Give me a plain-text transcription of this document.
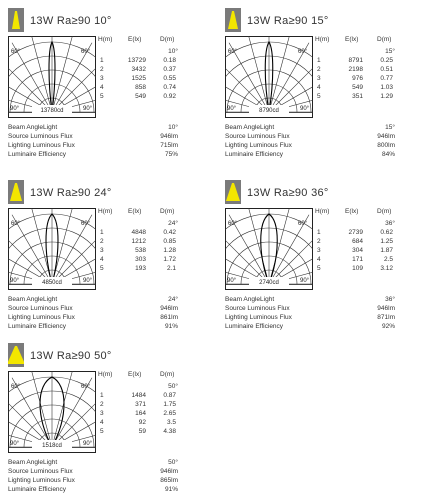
13W Ra≥90 10°
60°	60°
90°	90°
13780cd
H(m) E(lx)	D(m)
10°
1	13729	0.18
2	3432	0.37
3	1525	0.55
4	858	0.74
5	549	0.92
Beam AngleLight	10°
Source Luminous Flux	946lm
Lighting Luminous Flux	715lm
Luminaire Efficiency	75%
13W Ra≥90 15°
60°	60°
90°	90°
8790cd
H(m) E(lx)	D(m)
15°
1	8791	0.25
2	2198	0.51
3	976	0.77
4	549	1.03
5	351	1.29
Beam AngleLight	15°
Source Luminous Flux	946lm
Lighting Luminous Flux	800lm
Luminaire Efficiency	84%
13W Ra≥90 24°
60°	60°
90°	90°
4850cd
H(m) E(lx)	D(m)
24°
1	4848	0.42
2	1212	0.85
3	538	1.28
4	303	1.72
5	193	2.1
Beam AngleLight	24°
Source Luminous Flux	946lm
Lighting Luminous Flux	861lm
Luminaire Efficiency	91%
13W Ra≥90 36°
60°	60°
90°	90°
2740cd
H(m) E(lx)	D(m)
36°
1	2739	0.62
2	684	1.25
3	304	1.87
4	171	2.5
5	109	3.12
Beam AngleLight	36°
Source Luminous Flux	946lm
Lighting Luminous Flux	871lm
Luminaire Efficiency	92%
13W Ra≥90 50°
60°	60°
90°	90°
1518cd
H(m) E(lx)	D(m)
50°
1	1484	0.87
2	371	1.75
3	164	2.65
4	92	3.5
5	59	4.38
Beam AngleLight	50°
Source Luminous Flux	946lm
Lighting Luminous Flux	865lm
Luminaire Efficiency	91%
